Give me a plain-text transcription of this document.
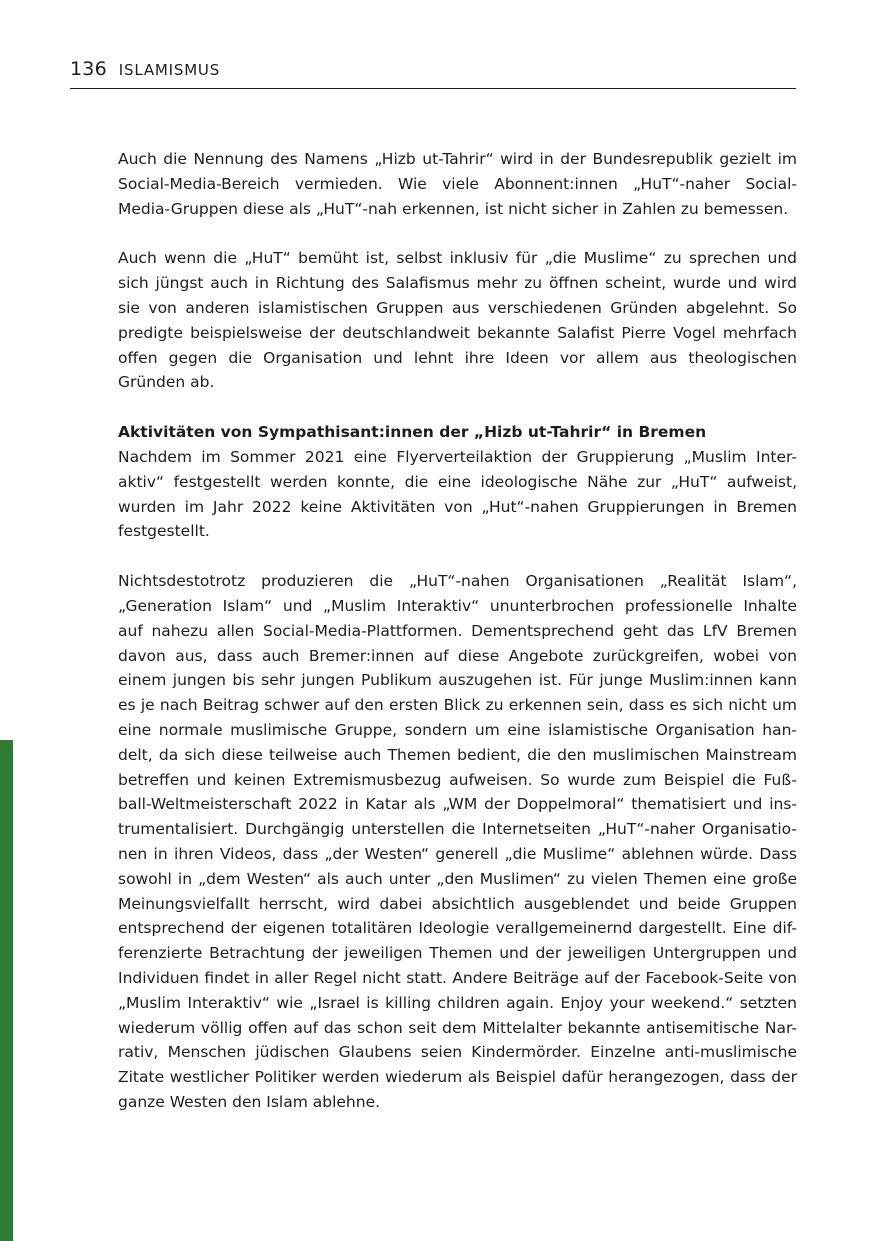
136 ISLAMISMUS

Auch die Nennung des Namens „Hizb ut-Tahrir“ wird in der Bundesrepublik gezielt im
Social-Media-Bereich vermieden. Wie viele Abonnent:innen „HuT“-naher Social-
Media-Gruppen diese als „HuT“-nah erkennen, ist nicht sicher in Zahlen zu bemessen.

Auch wenn die „HuT“ bemüht ist, selbst inklusiv für „die Muslime“ zu sprechen und
sich jüngst auch in Richtung des Salafismus mehr zu öffnen scheint, wurde und wird
sie von anderen islamistischen Gruppen aus verschiedenen Gründen abgelehnt. So
predigte beispielsweise der deutschlandweit bekannte Salafist Pierre Vogel mehrfach
offen gegen die Organisation und lehnt ihre Ideen vor allem aus theologischen
Gründen ab.

Aktivitäten von Sympathisant:innen der „Hizb ut-Tahrir“ in Bremen

Nachdem im Sommer 2021 eine Flyerverteilaktion der Gruppierung „Muslim Inter-
aktiv“ festgestellt werden konnte, die eine ideologische Nähe zur „HuT“ aufweist,
wurden im Jahr 2022 keine Aktivitäten von „Hut“-nahen Gruppierungen in Bremen
festgestellt.

Nichtsdestotrotz produzieren die „HuT“-nahen Organisationen „Realität Islam“,
„Generation Islam“ und „Muslim Interaktiv“ ununterbrochen professionelle Inhalte
auf nahezu allen Social-Media-Plattformen. Dementsprechend geht das LfV Bremen
davon aus, dass auch Bremer:innen auf diese Angebote zurückgreifen, wobei von
einem jungen bis sehr jungen Publikum auszugehen ist. Für junge Muslim:innen kann
es je nach Beitrag schwer auf den ersten Blick zu erkennen sein, dass es sich nicht um
eine normale muslimische Gruppe, sondern um eine islamistische Organisation han-
delt, da sich diese teilweise auch Themen bedient, die den muslimischen Mainstream
betreffen und keinen Extremismusbezug aufweisen. So wurde zum Beispiel die Fuß-
ball-Weltmeisterschaft 2022 in Katar als „WM der Doppelmoral“ thematisiert und ins-
trumentalisiert. Durchgängig unterstellen die Internetseiten „HuT“-naher Organisatio-
nen in ihren Videos, dass „der Westen“ generell „die Muslime“ ablehnen würde. Dass
sowohl in „dem Westen“ als auch unter „den Muslimen“ zu vielen Themen eine große
Meinungsvielfallt herrscht, wird dabei absichtlich ausgeblendet und beide Gruppen
entsprechend der eigenen totalitären Ideologie verallgemeinernd dargestellt. Eine dif-
ferenzierte Betrachtung der jeweiligen Themen und der jeweiligen Untergruppen und
Individuen findet in aller Regel nicht statt. Andere Beiträge auf der Facebook-Seite von
„Muslim Interaktiv“ wie „Israel is killing children again. Enjoy your weekend.“ setzten
wiederum völlig offen auf das schon seit dem Mittelalter bekannte antisemitische Nar-
rativ, Menschen jüdischen Glaubens seien Kindermörder. Einzelne anti-muslimische
Zitate westlicher Politiker werden wiederum als Beispiel dafür herangezogen, dass der
ganze Westen den Islam ablehne.
